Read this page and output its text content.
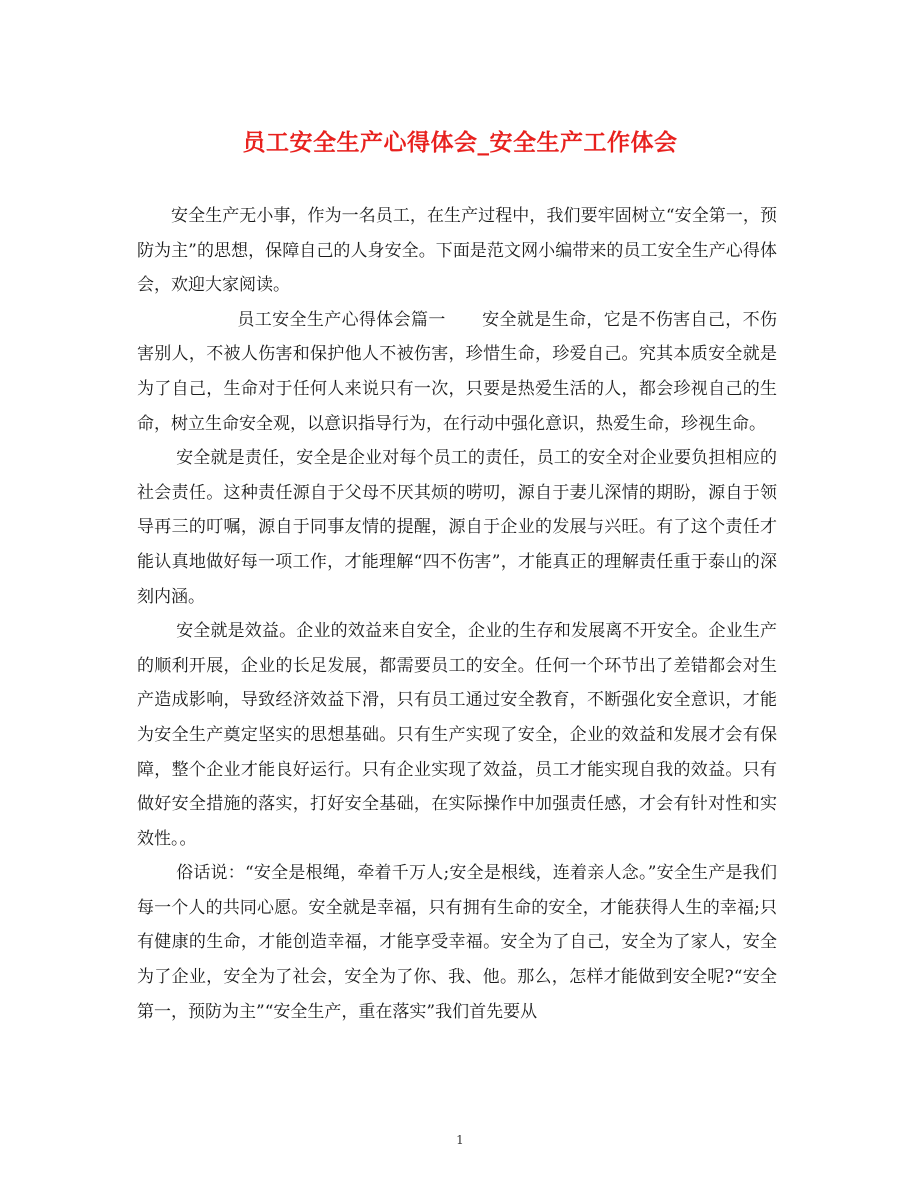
员工安全生产心得体会_安全生产工作体会

安全生产无小事，作为一名员工，在生产过程中，我们要牢固树立“安全第一，预防为主”的思想，保障自己的人身安全。下面是范文网小编带来的员工安全生产心得体会，欢迎大家阅读。

员工安全生产心得体会篇一 安全就是生命，它是不伤害自己，不伤害别人，不被人伤害和保护他人不被伤害，珍惜生命，珍爱自己。究其本质安全就是为了自己，生命对于任何人来说只有一次，只要是热爱生活的人，都会珍视自己的生命，树立生命安全观，以意识指导行为，在行动中强化意识，热爱生命，珍视生命。

安全就是责任，安全是企业对每个员工的责任，员工的安全对企业要负担相应的社会责任。这种责任源自于父母不厌其烦的唠叨，源自于妻儿深情的期盼，源自于领导再三的叮嘱，源自于同事友情的提醒，源自于企业的发展与兴旺。有了这个责任才能认真地做好每一项工作，才能理解“四不伤害”，才能真正的理解责任重于泰山的深刻内涵。

安全就是效益。企业的效益来自安全，企业的生存和发展离不开安全。企业生产的顺利开展，企业的长足发展，都需要员工的安全。任何一个环节出了差错都会对生产造成影响，导致经济效益下滑，只有员工通过安全教育，不断强化安全意识，才能为安全生产奠定坚实的思想基础。只有生产实现了安全，企业的效益和发展才会有保障，整个企业才能良好运行。只有企业实现了效益，员工才能实现自我的效益。只有做好安全措施的落实，打好安全基础，在实际操作中加强责任感，才会有针对性和实效性。。

俗话说：“安全是根绳，牵着千万人;安全是根线，连着亲人念。”安全生产是我们每一个人的共同心愿。安全就是幸福，只有拥有生命的安全，才能获得人生的幸福;只有健康的生命，才能创造幸福，才能享受幸福。安全为了自己，安全为了家人，安全为了企业，安全为了社会，安全为了你、我、他。那么，怎样才能做到安全呢?“安全第一，预防为主”“安全生产，重在落实”我们首先要从

1
